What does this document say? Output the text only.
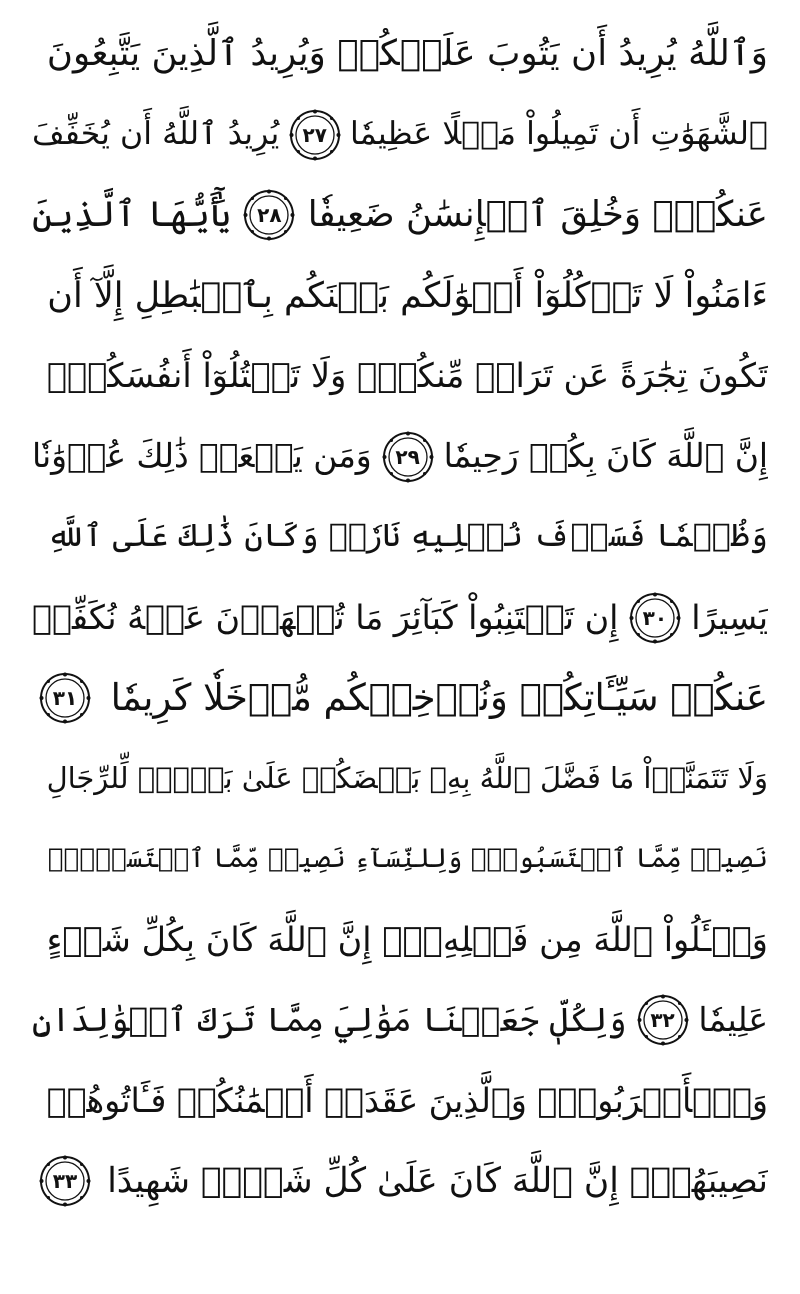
وَٱللَّهُ يُرِيدُ أَن يَتُوبَ عَلَيۡكُمۡ وَيُرِيدُ ٱلَّذِينَ يَتَّبِعُونَ
ٱلشَّهَوَٰتِ أَن تَمِيلُواْ مَيۡلًا عَظِيمٗا
٢٧
يُرِيدُ ٱللَّهُ أَن يُخَفِّفَ
عَنكُمۡۚ وَخُلِقَ ٱلۡإِنسَٰنُ ضَعِيفٗا
٢٨
يَٰٓأَيُّهَا ٱلَّذِينَ
ءَامَنُواْ لَا تَأۡكُلُوٓاْ أَمۡوَٰلَكُم بَيۡنَكُم بِٱلۡبَٰطِلِ إِلَّآ أَن
تَكُونَ تِجَٰرَةً عَن تَرَاضٖ مِّنكُمۡۚ وَلَا تَقۡتُلُوٓاْ أَنفُسَكُمۡۚ
إِنَّ ٱللَّهَ كَانَ بِكُمۡ رَحِيمٗا
٢٩
وَمَن يَفۡعَلۡ ذَٰلِكَ عُدۡوَٰنٗا
وَظُلۡمٗا فَسَوۡفَ نُصۡلِيهِ نَارٗاۚ وَكَانَ ذَٰلِكَ عَلَى ٱللَّهِ
يَسِيرًا
٣٠
إِن تَجۡتَنِبُواْ كَبَآئِرَ مَا تُنۡهَوۡنَ عَنۡهُ نُكَفِّرۡ
عَنكُمۡ سَيِّـَٔاتِكُمۡ وَنُدۡخِلۡكُم مُّدۡخَلٗا كَرِيمٗا
٣١
وَلَا تَتَمَنَّوۡاْ مَا فَضَّلَ ٱللَّهُ بِهِۦ بَعۡضَكُمۡ عَلَىٰ بَعۡضٖۚ لِّلرِّجَالِ
نَصِيبٞ مِّمَّا ٱكۡتَسَبُواْۖ وَلِلنِّسَآءِ نَصِيبٞ مِّمَّا ٱكۡتَسَبۡنَۚ
وَسۡـَٔلُواْ ٱللَّهَ مِن فَضۡلِهِۦٓۚ إِنَّ ٱللَّهَ كَانَ بِكُلِّ شَيۡءٍ
عَلِيمٗا
٣٢
وَلِكُلّٖ جَعَلۡنَا مَوَٰلِيَ مِمَّا تَرَكَ ٱلۡوَٰلِدَانِ
وَٱلۡأَقۡرَبُونَۚ وَٱلَّذِينَ عَقَدَتۡ أَيۡمَٰنُكُمۡ فَـَٔاتُوهُمۡ
نَصِيبَهُمۡۚ إِنَّ ٱللَّهَ كَانَ عَلَىٰ كُلِّ شَيۡءٖ شَهِيدًا
٣٣
